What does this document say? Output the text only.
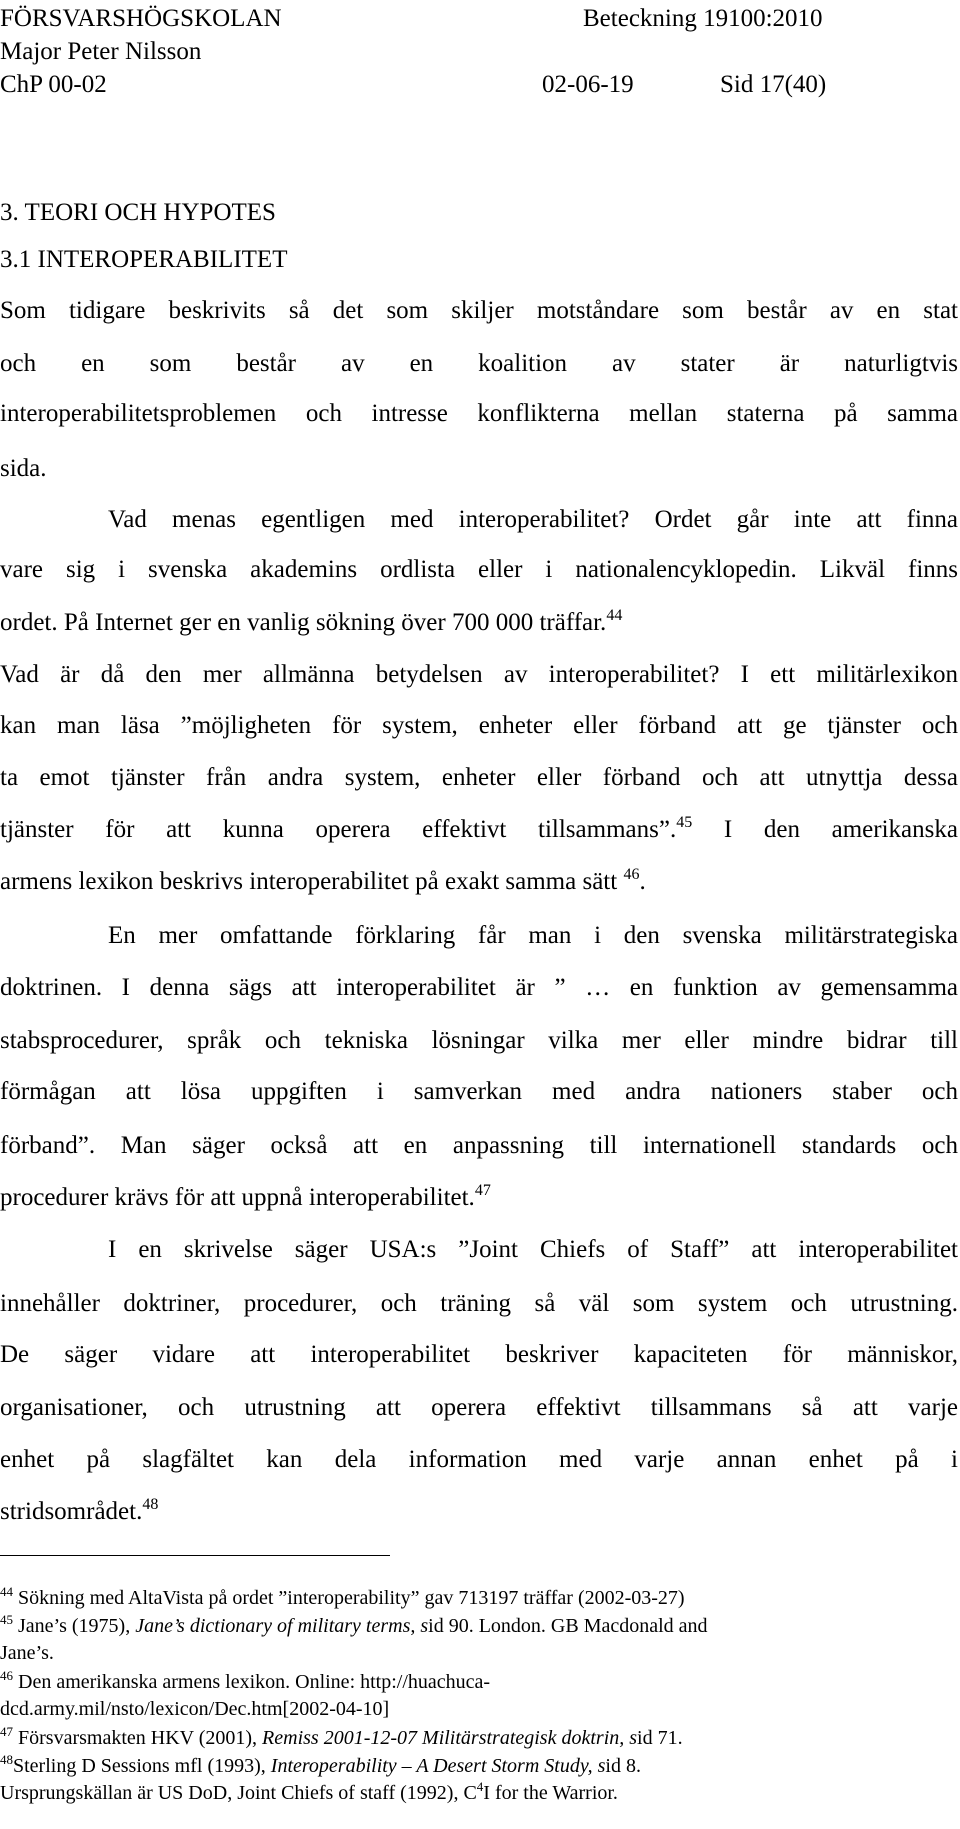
FÖRSVARSHÖGSKOLAN	Beteckning 19100:2010
Major Peter Nilsson
ChP 00-02	02-06-19	Sid 17(40)
3. TEORI OCH HYPOTES
3.1 INTEROPERABILITET
Som tidigare beskrivits så det som skiljer motståndare som består av en stat
och en som består av en koalition av stater är naturligtvis
interoperabilitetsproblemen och intresse konflikterna mellan staterna på samma
sida.
Vad menas egentligen med interoperabilitet? Ordet går inte att finna
vare sig i svenska akademins ordlista eller i nationalencyklopedin. Likväl finns
ordet. På Internet ger en vanlig sökning över 700 000 träffar.$^{44}$
Vad är då den mer allmänna betydelsen av interoperabilitet? I ett militärlexikon
kan man läsa ”möjligheten för system, enheter eller förband att ge tjänster och
ta emot tjänster från andra system, enheter eller förband och att utnyttja dessa
tjänster för att kunna operera effektivt tillsammans”.$^{45}$ I den amerikanska
armens lexikon beskrivs interoperabilitet på exakt samma sätt $^{46}$.
En mer omfattande förklaring får man i den svenska militärstrategiska
doktrinen. I denna sägs att interoperabilitet är ” … en funktion av gemensamma
stabsprocedurer, språk och tekniska lösningar vilka mer eller mindre bidrar till
förmågan att lösa uppgiften i samverkan med andra nationers staber och
förband”. Man säger också att en anpassning till internationell standards och
procedurer krävs för att uppnå interoperabilitet.$^{47}$
I en skrivelse säger USA:s ”Joint Chiefs of Staff” att interoperabilitet
innehåller doktriner, procedurer, och träning så väl som system och utrustning.
De säger vidare att interoperabilitet beskriver kapaciteten för människor,
organisationer, och utrustning att operera effektivt tillsammans så att varje
enhet på slagfältet kan dela information med varje annan enhet på i
stridsområdet.$^{48}$
$^{44}$ Sökning med AltaVista på ordet ”interoperability” gav 713197 träffar (2002-03-27)
$^{45}$ Jane’s (1975), Jane’s dictionary of military terms, sid 90. London. GB Macdonald and
Jane’s.
$^{46}$ Den amerikanska armens lexikon. Online: http://huachuca-
dcd.army.mil/nsto/lexicon/Dec.htm[2002-04-10]
$^{47}$ Försvarsmakten HKV (2001), Remiss 2001-12-07 Militärstrategisk doktrin, sid 71.
$^{48}$Sterling D Sessions mfl (1993), Interoperability – A Desert Storm Study, sid 8.
Ursprungskällan är US DoD, Joint Chiefs of staff (1992), $C^4I$ for the Warrior.
